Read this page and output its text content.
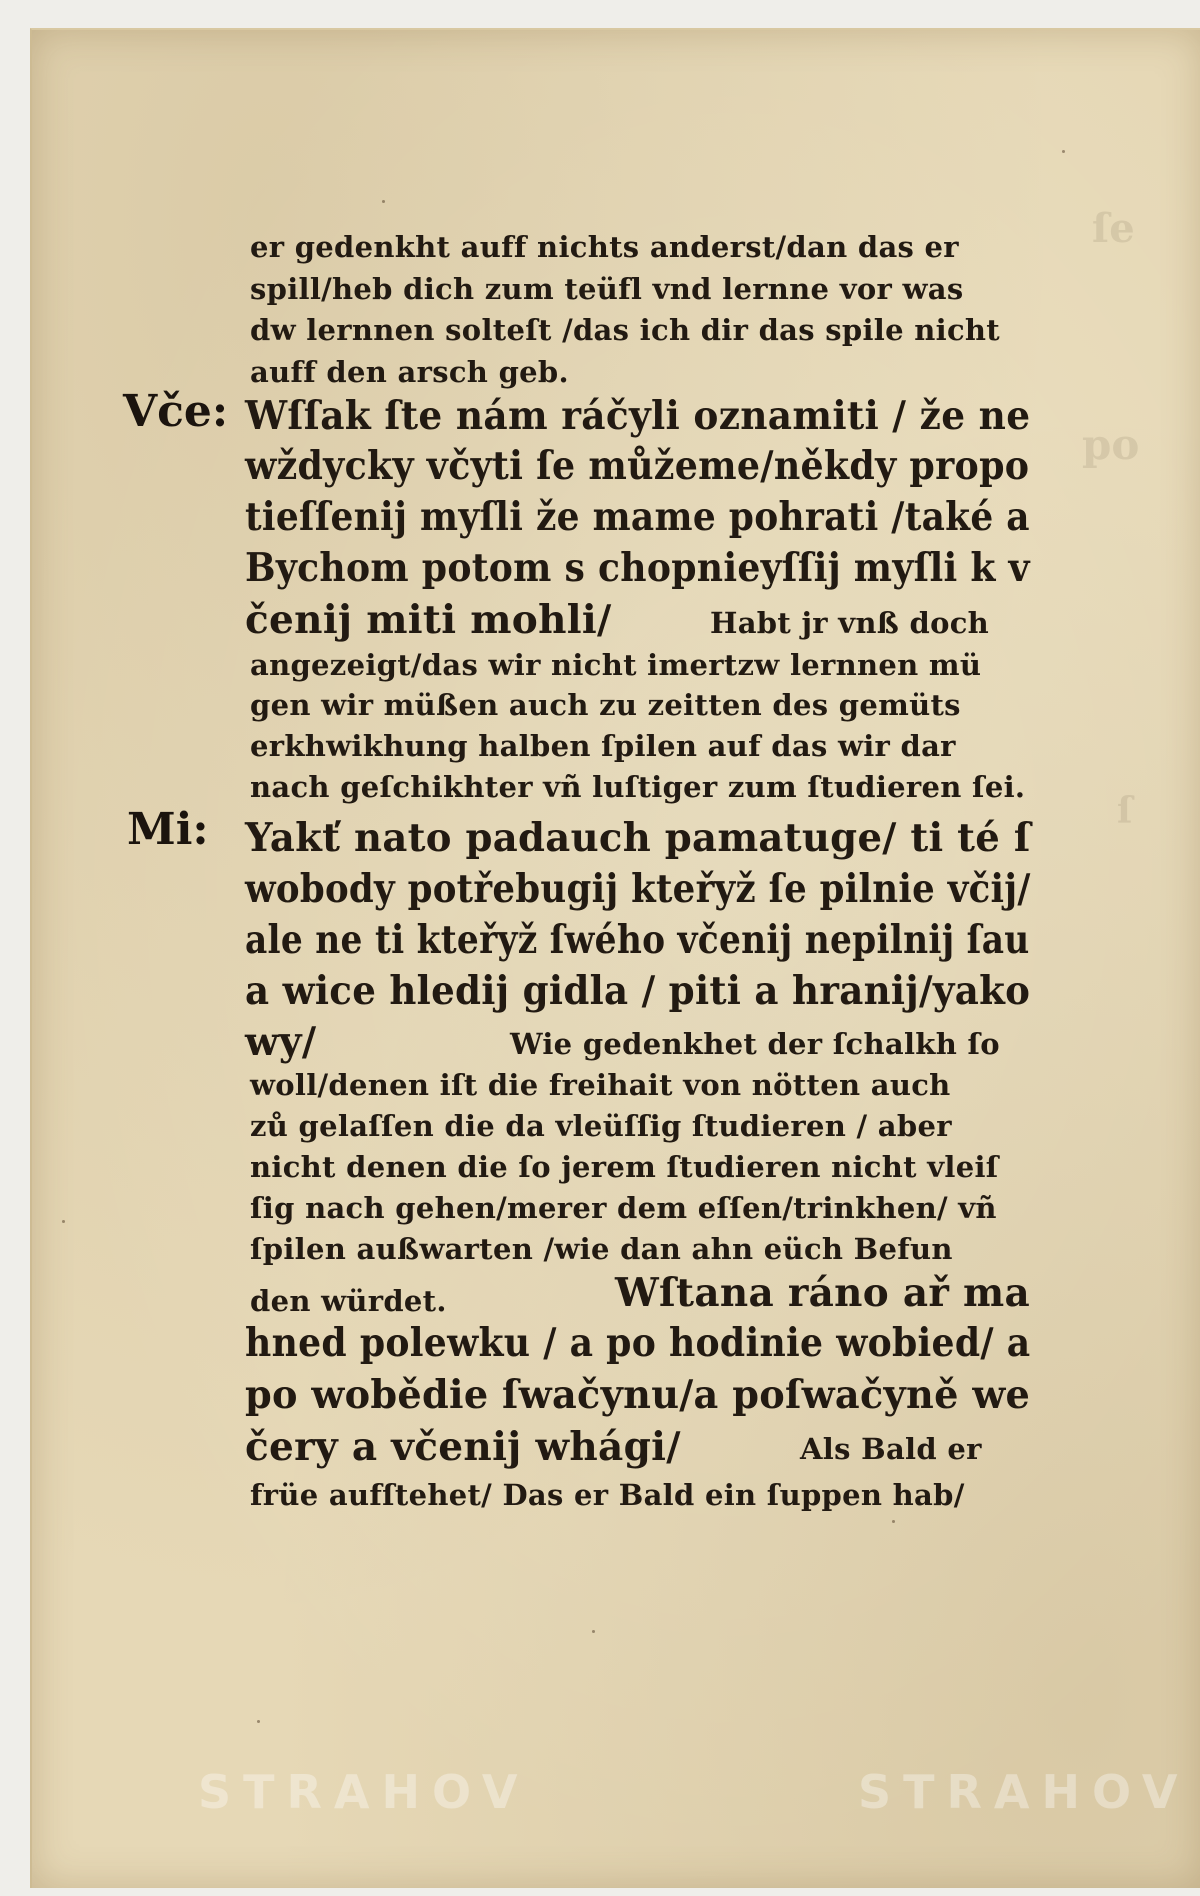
ſe
po
ſ
Vče:
Mi:
er gedenkht auff nichts anderst/dan das er
spill/heb dich zum teüfl vnd lernne vor was
dw lernnen solteſt /das ich dir das spile nicht
auff den arsch geb.
Wſſak ſte nám ráčyli oznamiti / že ne
wždycky včyti ſe můžeme/někdy propo
tieſſenij myſli že mame pohrati /také a
Bychom potom s chopnieyſſij myſli k v
čenij miti mohli/	Habt jr vnß doch
angezeigt/das wir nicht imertzw lernnen mü
gen wir müßen auch zu zeitten des gemüts
erkhwikhung halben ſpilen auf das wir dar
nach geſchikhter vñ luſtiger zum ſtudieren ſei.
Yakť nato padauch pamatuge/ ti té ſ
wobody potřebugij kteřyž ſe pilnie včij/
ale ne ti kteřyž ſwého včenij nepilnij ſau
a wice hledij gidla / piti a hranij/yako
wy/	Wie gedenkhet der ſchalkh ſo
woll/denen iſt die freihait von nötten auch
zů gelaſſen die da vleüſſig ſtudieren / aber
nicht denen die ſo jerem ſtudieren nicht vleiſ
ſig nach gehen/merer dem eſſen/trinkhen/ vñ
ſpilen außwarten /wie dan ahn eüch Befun
den würdet.	Wſtana ráno ař ma
hned polewku / a po hodinie wobied/ a
po wobědie ſwačynu/a poſwačyně we
čery a včenij whági/	Als Bald er
früe aufſtehet/ Das er Bald ein ſuppen hab/
STRAHOV	STRAHOV
